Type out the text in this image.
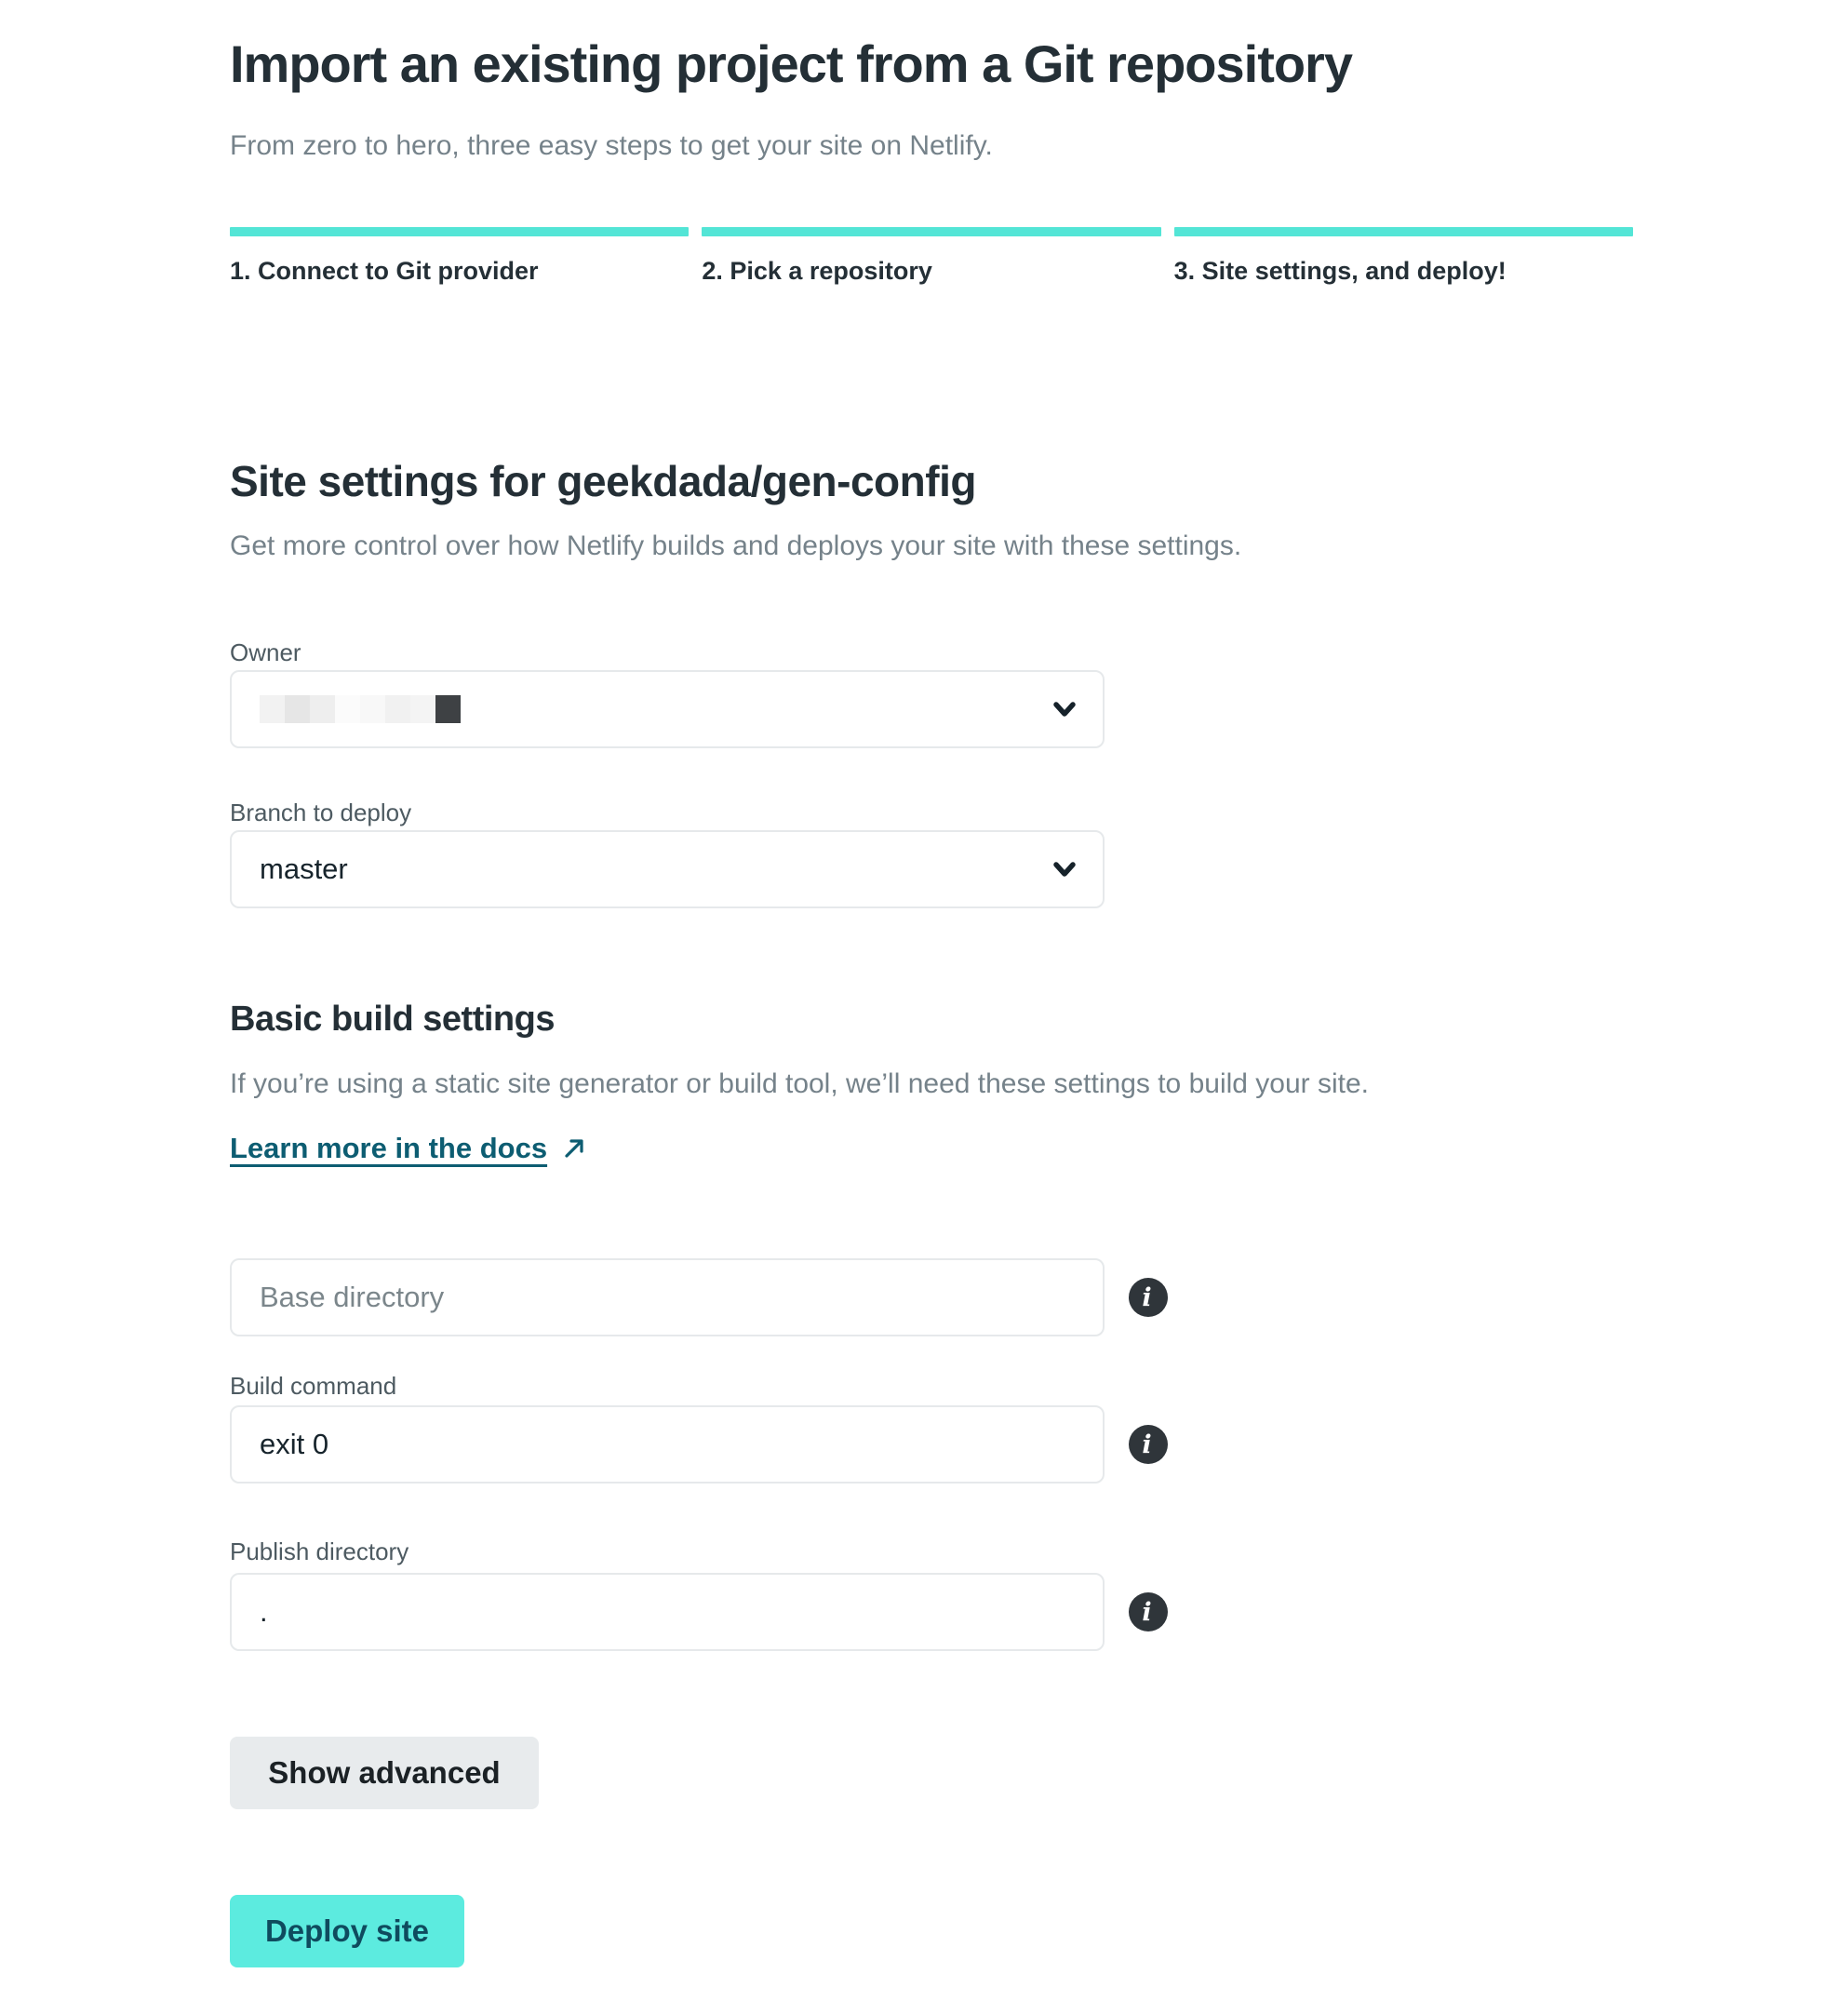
Import an existing project from a Git repository

From zero to hero, three easy steps to get your site on Netlify.

1. Connect to Git provider	2. Pick a repository	3. Site settings, and deploy!
Site settings for geekdada/gen-config

Get more control over how Netlify builds and deploys your site with these settings.

Owner
Branch to deploy
master
Basic build settings

If you’re using a static site generator or build tool, we’ll need these settings to build your site.

Learn more in the docs
Base directory	i
Build command
exit 0	i
Publish directory
.	i
Show advanced
Deploy site
